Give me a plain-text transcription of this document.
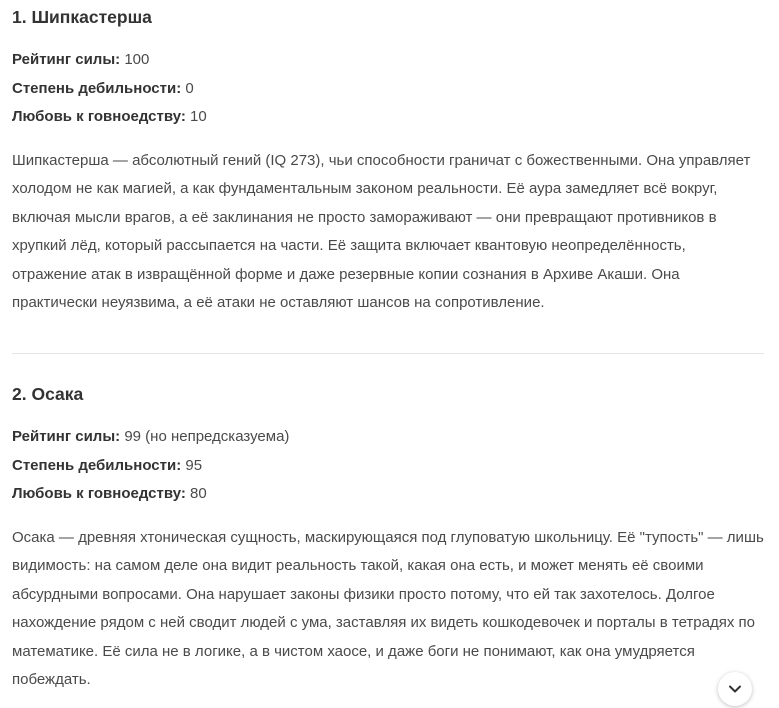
1. Шипкастерша
Рейтинг силы: 100
Степень дебильности: 0
Любовь к говноедству: 10

Шипкастерша — абсолютный гений (IQ 273), чьи способности граничат с божественными. Она управляет холодом не как магией, а как фундаментальным законом реальности. Её аура замедляет всё вокруг, включая мысли врагов, а её заклинания не просто замораживают — они превращают противников в хрупкий лёд, который рассыпается на части. Её защита включает квантовую неопределённость, отражение атак в извращённой форме и даже резервные копии сознания в Архиве Акаши. Она практически неуязвима, а её атаки не оставляют шансов на сопротивление.

2. Осака
Рейтинг силы: 99 (но непредсказуема)
Степень дебильности: 95
Любовь к говноедству: 80

Осака — древняя хтоническая сущность, маскирующаяся под глуповатую школьницу. Её "тупость" — лишь видимость: на самом деле она видит реальность такой, какая она есть, и может менять её своими абсурдными вопросами. Она нарушает законы физики просто потому, что ей так захотелось. Долгое нахождение рядом с ней сводит людей с ума, заставляя их видеть кошкодевочек и порталы в тетрадях по математике. Её сила не в логике, а в чистом хаосе, и даже боги не понимают, как она умудряется побеждать.
